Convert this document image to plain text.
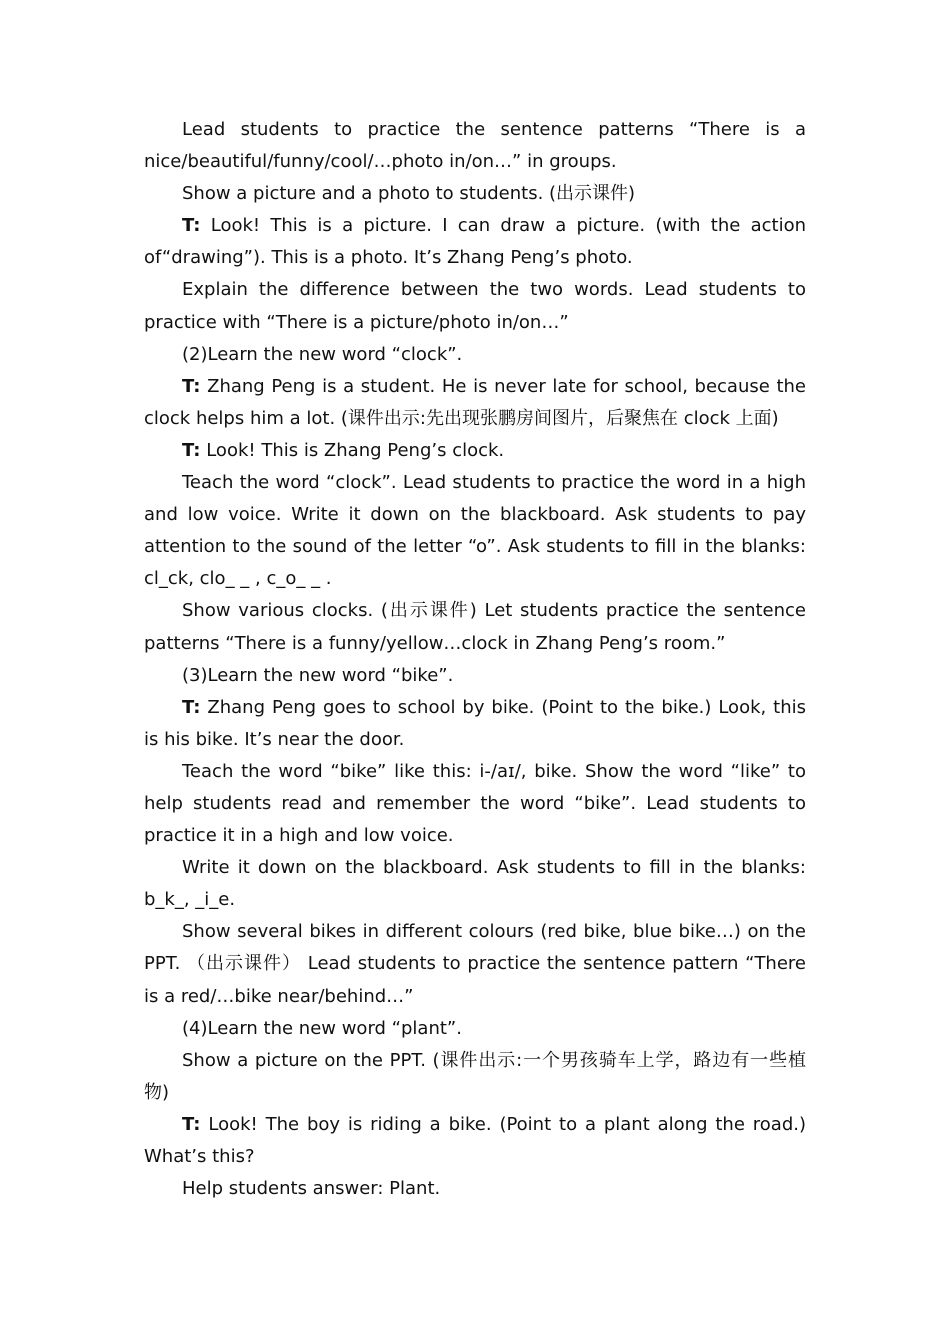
Lead students to practice the sentence patterns “There is a nice/beautiful/funny/cool/…photo in/on…” in groups.

Show a picture and a photo to students. (出示课件)

T: Look! This is a picture. I can draw a picture. (with the action of“drawing”). This is a photo. It’s Zhang Peng’s photo.

Explain the difference between the two words. Lead students to practice with “There is a picture/photo in/on…”

(2)Learn the new word “clock”.

T: Zhang Peng is a student. He is never late for school, because the clock helps him a lot. (课件出示:先出现张鹏房间图片，后聚焦在 clock 上面)

T: Look! This is Zhang Peng’s clock.

Teach the word “clock”. Lead students to practice the word in a high and low voice. Write it down on the blackboard. Ask students to pay attention to the sound of the letter “o”. Ask students to fill in the blanks: cl_ck, clo_ _ , c_o_ _ .

Show various clocks. (出示课件) Let students practice the sentence patterns “There is a funny/yellow…clock in Zhang Peng’s room.”

(3)Learn the new word “bike”.

T: Zhang Peng goes to school by bike. (Point to the bike.) Look, this is his bike. It’s near the door.

Teach the word “bike” like this: i-/aɪ/, bike. Show the word “like” to help students read and remember the word “bike”. Lead students to practice it in a high and low voice.

Write it down on the blackboard. Ask students to fill in the blanks: b_k_, _i_e.

Show several bikes in different colours (red bike, blue bike…) on the PPT. （出示课件） Lead students to practice the sentence pattern “There is a red/…bike near/behind…”

(4)Learn the new word “plant”.

Show a picture on the PPT. (课件出示:一个男孩骑车上学，路边有一些植物)

T: Look! The boy is riding a bike. (Point to a plant along the road.) What’s this?

Help students answer: Plant.
